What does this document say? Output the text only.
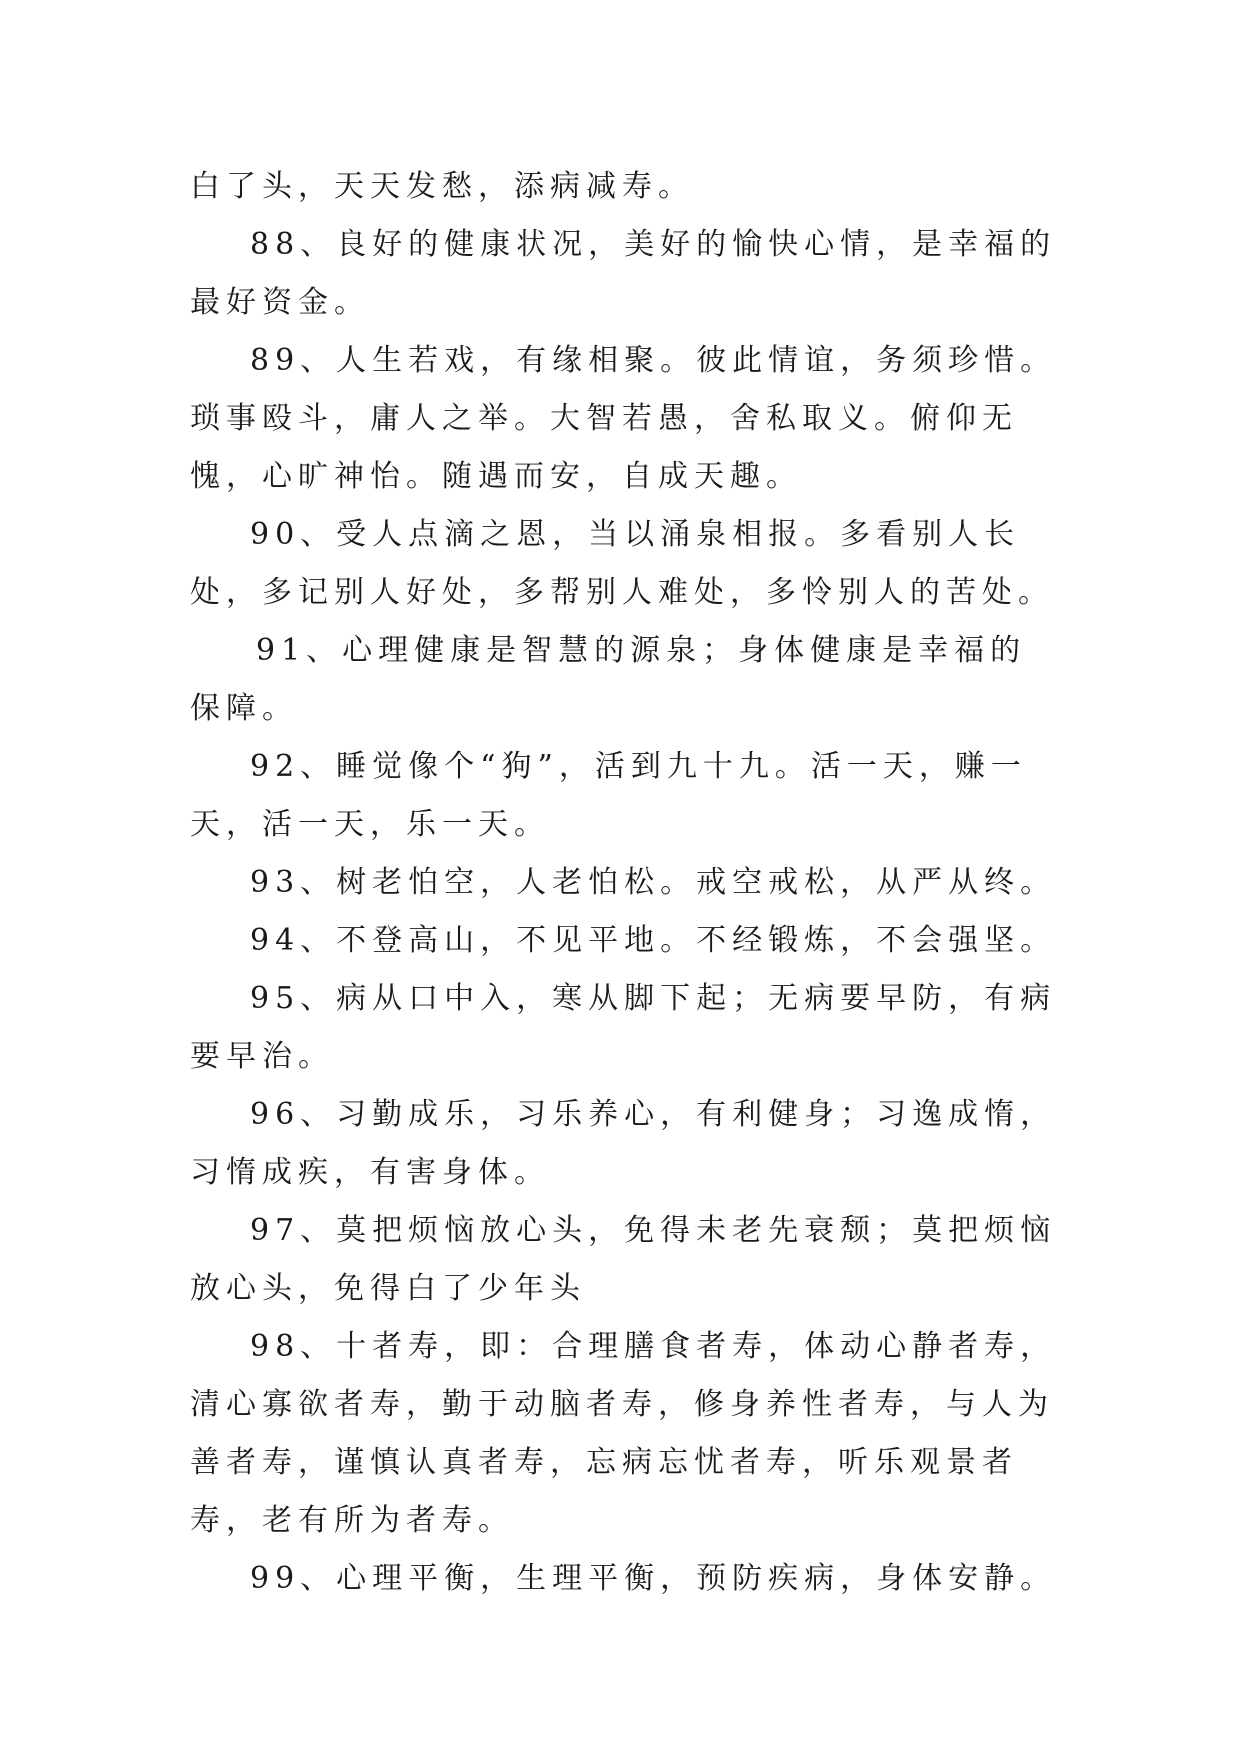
白了头，天天发愁，添病减寿。

88、良好的健康状况，美好的愉快心情，是幸福的最好资金。

89、人生若戏，有缘相聚。彼此情谊，务须珍惜。琐事殴斗，庸人之举。大智若愚，舍私取义。俯仰无愧，心旷神怡。随遇而安，自成天趣。

90、受人点滴之恩，当以涌泉相报。多看别人长处，多记别人好处，多帮别人难处，多怜别人的苦处。

91、心理健康是智慧的源泉；身体健康是幸福的保障。

92、睡觉像个“狗”，活到九十九。活一天，赚一天，活一天，乐一天。

93、树老怕空，人老怕松。戒空戒松，从严从终。

94、不登高山，不见平地。不经锻炼，不会强坚。

95、病从口中入，寒从脚下起；无病要早防，有病要早治。

96、习勤成乐，习乐养心，有利健身；习逸成惰，习惰成疾，有害身体。

97、莫把烦恼放心头，免得未老先衰颓；莫把烦恼放心头，免得白了少年头

98、十者寿，即：合理膳食者寿，体动心静者寿，清心寡欲者寿，勤于动脑者寿，修身养性者寿，与人为善者寿，谨慎认真者寿，忘病忘忧者寿，听乐观景者寿，老有所为者寿。

99、心理平衡，生理平衡，预防疾病，身体安静。
